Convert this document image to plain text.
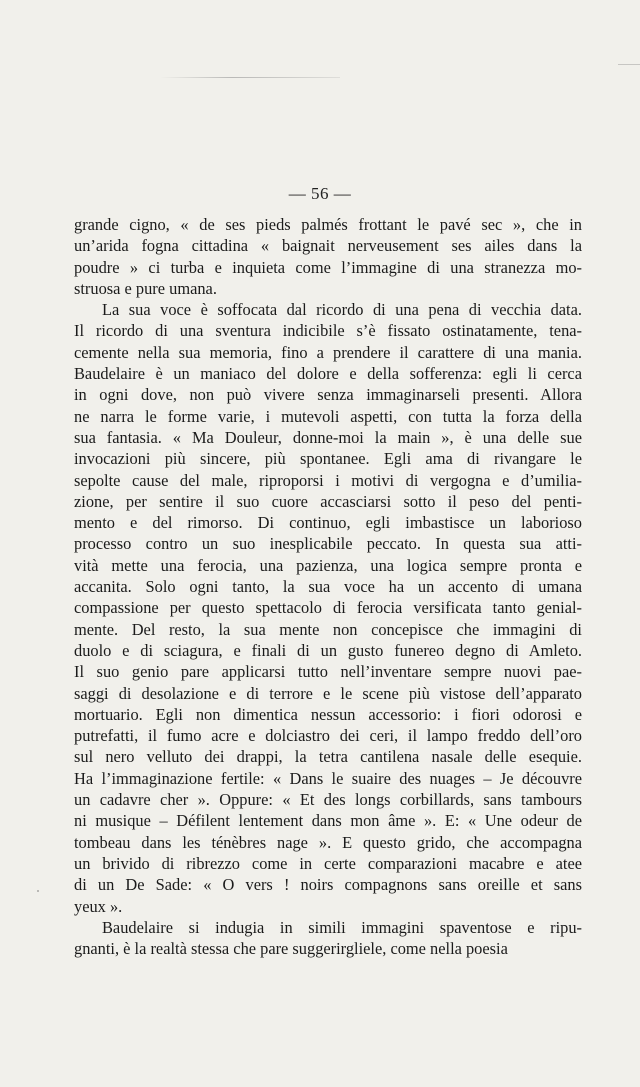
— 56 —

grande cigno, « de ses pieds palmés frottant le pavé sec », che in
un’arida fogna cittadina « baignait nerveusement ses ailes dans la
poudre » ci turba e inquieta come l’immagine di una stranezza mo-
struosa e pure umana.
La sua voce è soffocata dal ricordo di una pena di vecchia data.
Il ricordo di una sventura indicibile s’è fissato ostinatamente, tena-
cemente nella sua memoria, fino a prendere il carattere di una mania.
Baudelaire è un maniaco del dolore e della sofferenza: egli li cerca
in ogni dove, non può vivere senza immaginarseli presenti. Allora
ne narra le forme varie, i mutevoli aspetti, con tutta la forza della
sua fantasia. « Ma Douleur, donne-moi la main », è una delle sue
invocazioni più sincere, più spontanee. Egli ama di rivangare le
sepolte cause del male, riproporsi i motivi di vergogna e d’umilia-
zione, per sentire il suo cuore accasciarsi sotto il peso del penti-
mento e del rimorso. Di continuo, egli imbastisce un laborioso
processo contro un suo inesplicabile peccato. In questa sua atti-
vità mette una ferocia, una pazienza, una logica sempre pronta e
accanita. Solo ogni tanto, la sua voce ha un accento di umana
compassione per questo spettacolo di ferocia versificata tanto genial-
mente. Del resto, la sua mente non concepisce che immagini di
duolo e di sciagura, e finali di un gusto funereo degno di Amleto.
Il suo genio pare applicarsi tutto nell’inventare sempre nuovi pae-
saggi di desolazione e di terrore e le scene più vistose dell’apparato
mortuario. Egli non dimentica nessun accessorio: i fiori odorosi e
putrefatti, il fumo acre e dolciastro dei ceri, il lampo freddo dell’oro
sul nero velluto dei drappi, la tetra cantilena nasale delle esequie.
Ha l’immaginazione fertile: « Dans le suaire des nuages – Je découvre
un cadavre cher ». Oppure: « Et des longs corbillards, sans tambours
ni musique – Défilent lentement dans mon âme ». E: « Une odeur de
tombeau dans les ténèbres nage ». E questo grido, che accompagna
un brivido di ribrezzo come in certe comparazioni macabre e atee
di un De Sade: « O vers ! noirs compagnons sans oreille et sans
yeux ».
Baudelaire si indugia in simili immagini spaventose e ripu-
gnanti, è la realtà stessa che pare suggerirgliele, come nella poesia
